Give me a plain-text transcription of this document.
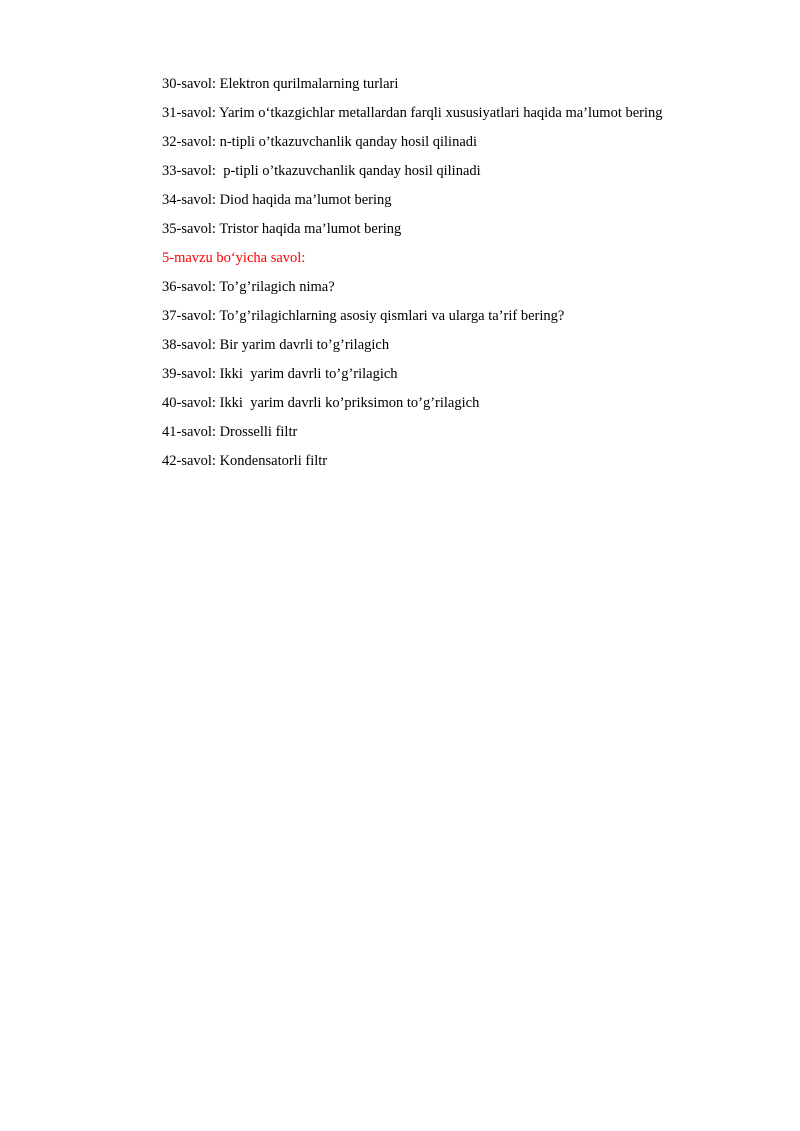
30-savol: Elektron qurilmalarning turlari

31-savol: Yarim o‘tkazgichlar metallardan farqli xususiyatlari haqida ma’lumot bering

32-savol: n-tipli o’tkazuvchanlik qanday hosil qilinadi

33-savol:  p-tipli o’tkazuvchanlik qanday hosil qilinadi

34-savol: Diod haqida ma’lumot bering

35-savol: Tristor haqida ma’lumot bering

5-mavzu bo‘yicha savol:

36-savol: To’g’rilagich nima?

37-savol: To’g’rilagichlarning asosiy qismlari va ularga ta’rif bering?

38-savol: Bir yarim davrli to’g’rilagich

39-savol: Ikki  yarim davrli to’g’rilagich

40-savol: Ikki  yarim davrli ko’priksimon to’g’rilagich

41-savol: Drosselli filtr

42-savol: Kondensatorli filtr
